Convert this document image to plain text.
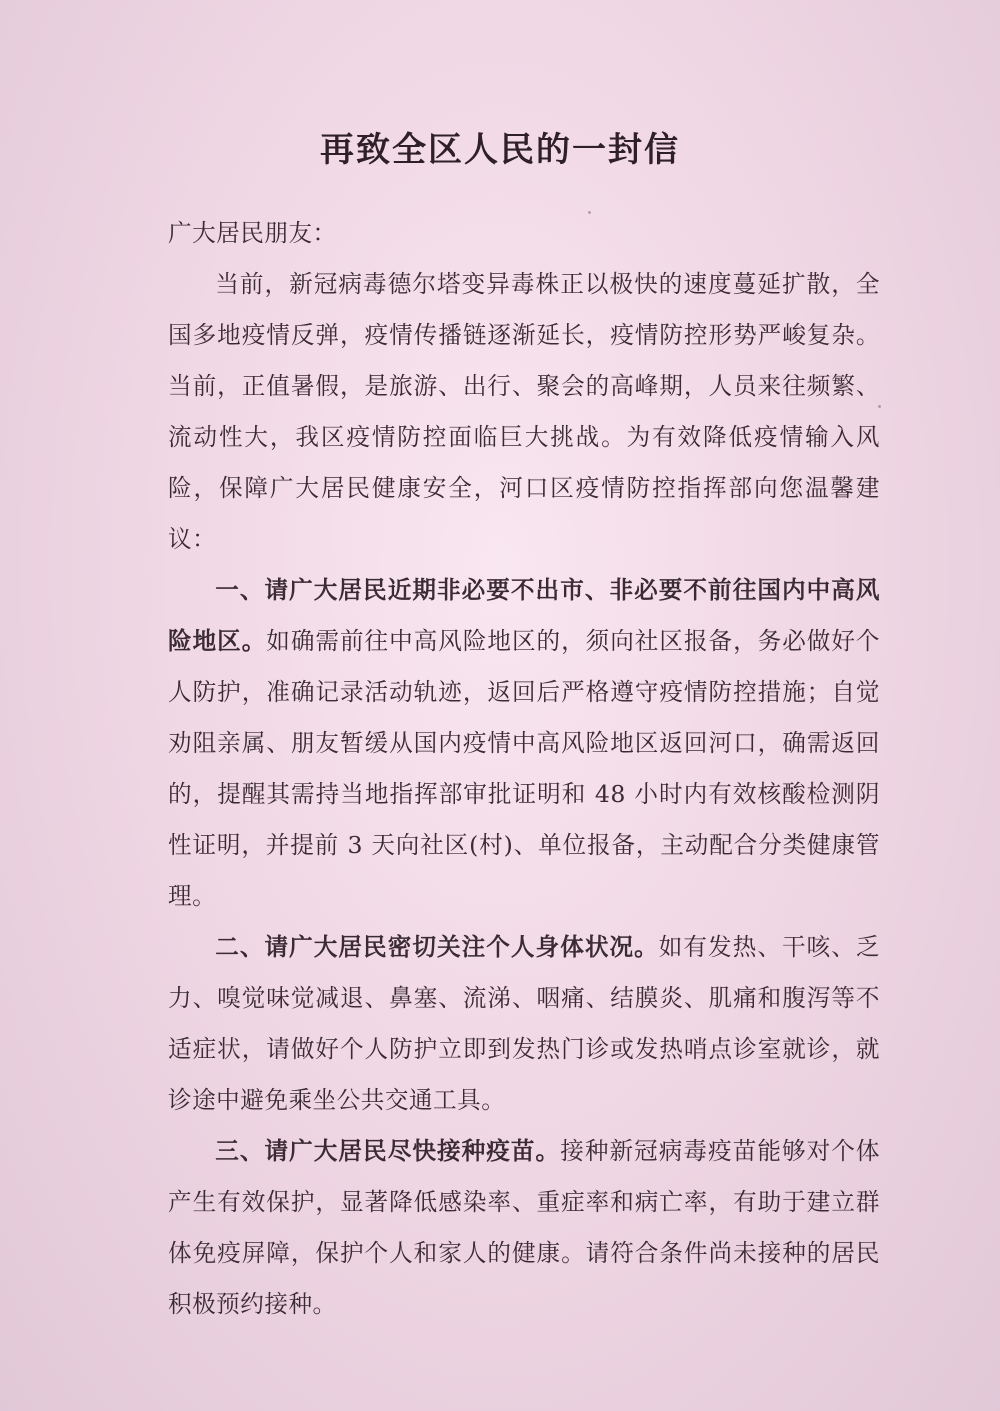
再致全区人民的一封信

广大居民朋友：

当前，新冠病毒德尔塔变异毒株正以极快的速度蔓延扩散，全国多地疫情反弹，疫情传播链逐渐延长，疫情防控形势严峻复杂。当前，正值暑假，是旅游、出行、聚会的高峰期，人员来往频繁、流动性大，我区疫情防控面临巨大挑战。为有效降低疫情输入风险，保障广大居民健康安全，河口区疫情防控指挥部向您温馨建议：

一、请广大居民近期非必要不出市、非必要不前往国内中高风险地区。如确需前往中高风险地区的，须向社区报备，务必做好个人防护，准确记录活动轨迹，返回后严格遵守疫情防控措施；自觉劝阻亲属、朋友暂缓从国内疫情中高风险地区返回河口，确需返回的，提醒其需持当地指挥部审批证明和 48 小时内有效核酸检测阴性证明，并提前 3 天向社区(村)、单位报备，主动配合分类健康管理。

二、请广大居民密切关注个人身体状况。如有发热、干咳、乏力、嗅觉味觉减退、鼻塞、流涕、咽痛、结膜炎、肌痛和腹泻等不适症状，请做好个人防护立即到发热门诊或发热哨点诊室就诊，就诊途中避免乘坐公共交通工具。

三、请广大居民尽快接种疫苗。接种新冠病毒疫苗能够对个体产生有效保护，显著降低感染率、重症率和病亡率，有助于建立群体免疫屏障，保护个人和家人的健康。请符合条件尚未接种的居民积极预约接种。
